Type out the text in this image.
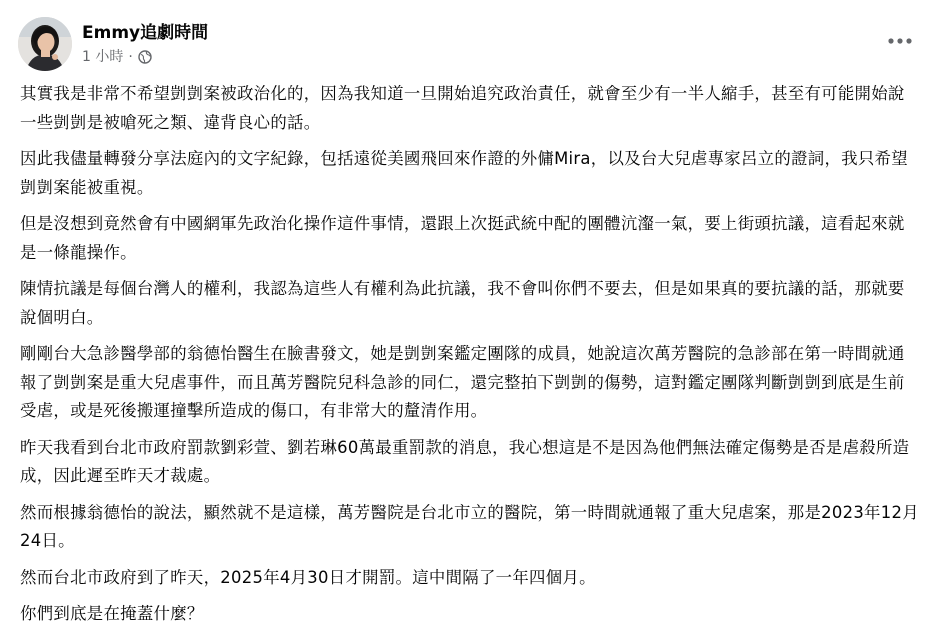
Emmy追劇時間
1 小時 ·

其實我是非常不希望剴剴案被政治化的，因為我知道一旦開始追究政治責任，就會至少有一半人縮手，甚至有可能開始說一些剴剴是被嗆死之類、違背良心的話。

因此我儘量轉發分享法庭內的文字紀錄，包括遠從美國飛回來作證的外傭Mira，以及台大兒虐專家呂立的證詞，我只希望剴剴案能被重視。

但是沒想到竟然會有中國網軍先政治化操作這件事情，還跟上次挺武統中配的團體沆瀣一氣，要上街頭抗議，這看起來就是一條龍操作。

陳情抗議是每個台灣人的權利，我認為這些人有權利為此抗議，我不會叫你們不要去，但是如果真的要抗議的話，那就要說個明白。

剛剛台大急診醫學部的翁德怡醫生在臉書發文，她是剴剴案鑑定團隊的成員，她說這次萬芳醫院的急診部在第一時間就通報了剴剴案是重大兒虐事件，而且萬芳醫院兒科急診的同仁，還完整拍下剴剴的傷勢，這對鑑定團隊判斷剴剴到底是生前受虐，或是死後搬運撞擊所造成的傷口，有非常大的釐清作用。

昨天我看到台北市政府罰款劉彩萱、劉若琳60萬最重罰款的消息，我心想這是不是因為他們無法確定傷勢是否是虐殺所造成，因此遲至昨天才裁處。

然而根據翁德怡的說法，顯然就不是這樣，萬芳醫院是台北市立的醫院，第一時間就通報了重大兒虐案，那是2023年12月24日。

然而台北市政府到了昨天，2025年4月30日才開罰。這中間隔了一年四個月。

你們到底是在掩蓋什麼？
